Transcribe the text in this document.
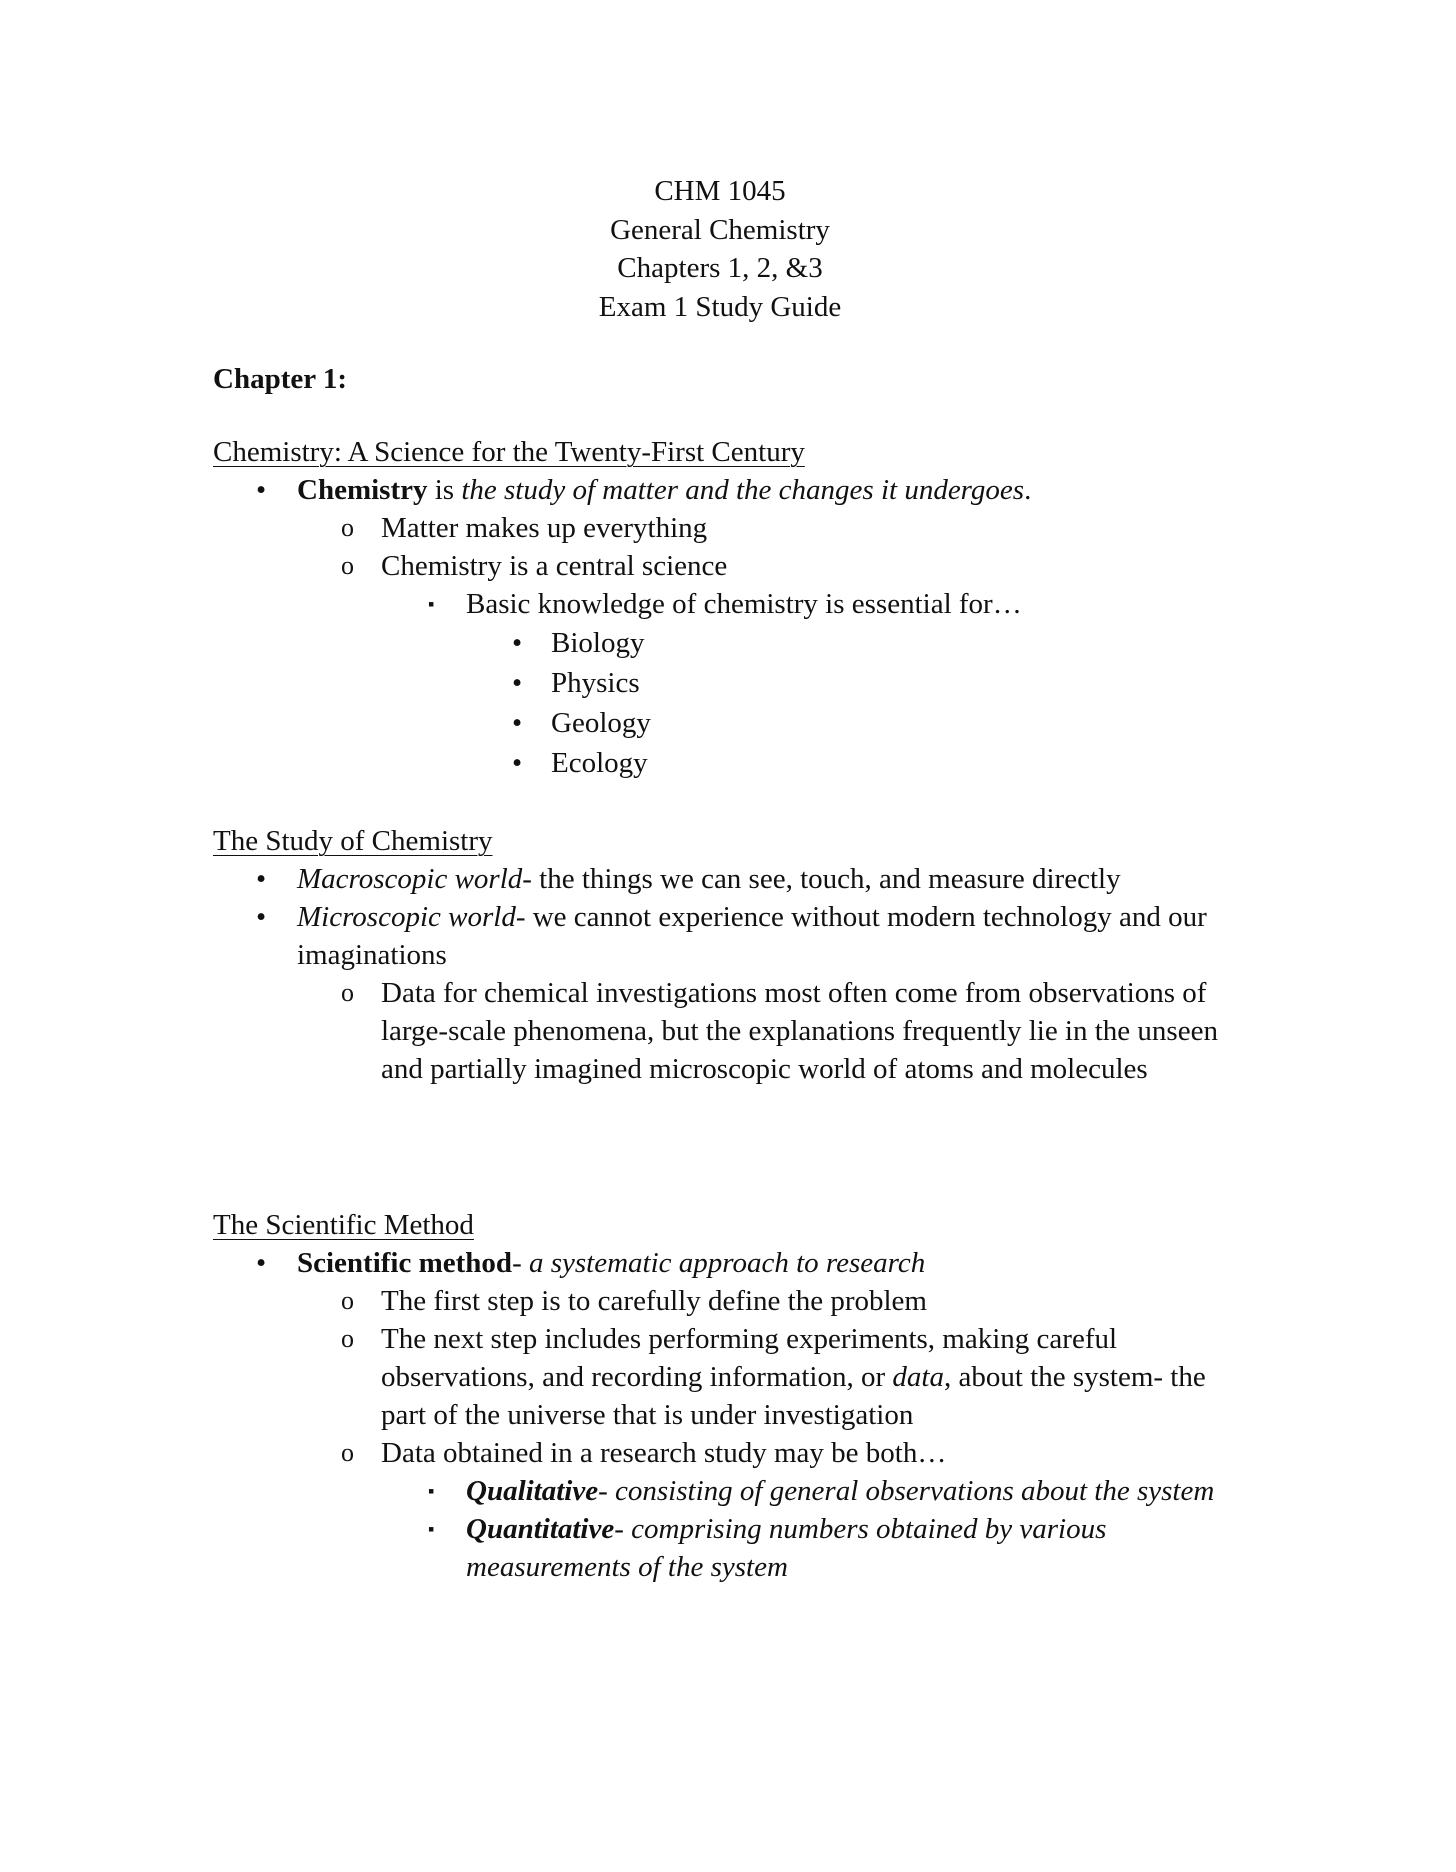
CHM 1045
General Chemistry
Chapters 1, 2, &3
Exam 1 Study Guide
Chapter 1:
Chemistry: A Science for the Twenty-First Century
• Chemistry is the study of matter and the changes it undergoes.
o Matter makes up everything
o Chemistry is a central science
▪ Basic knowledge of chemistry is essential for…
• Biology
• Physics
• Geology
• Ecology
The Study of Chemistry
• Macroscopic world- the things we can see, touch, and measure directly
• Microscopic world- we cannot experience without modern technology and our imaginations
o Data for chemical investigations most often come from observations of large-scale phenomena, but the explanations frequently lie in the unseen and partially imagined microscopic world of atoms and molecules
The Scientific Method
• Scientific method- a systematic approach to research
o The first step is to carefully define the problem
o The next step includes performing experiments, making careful observations, and recording information, or data, about the system- the part of the universe that is under investigation
o Data obtained in a research study may be both…
▪ Qualitative- consisting of general observations about the system
▪ Quantitative- comprising numbers obtained by various measurements of the system
